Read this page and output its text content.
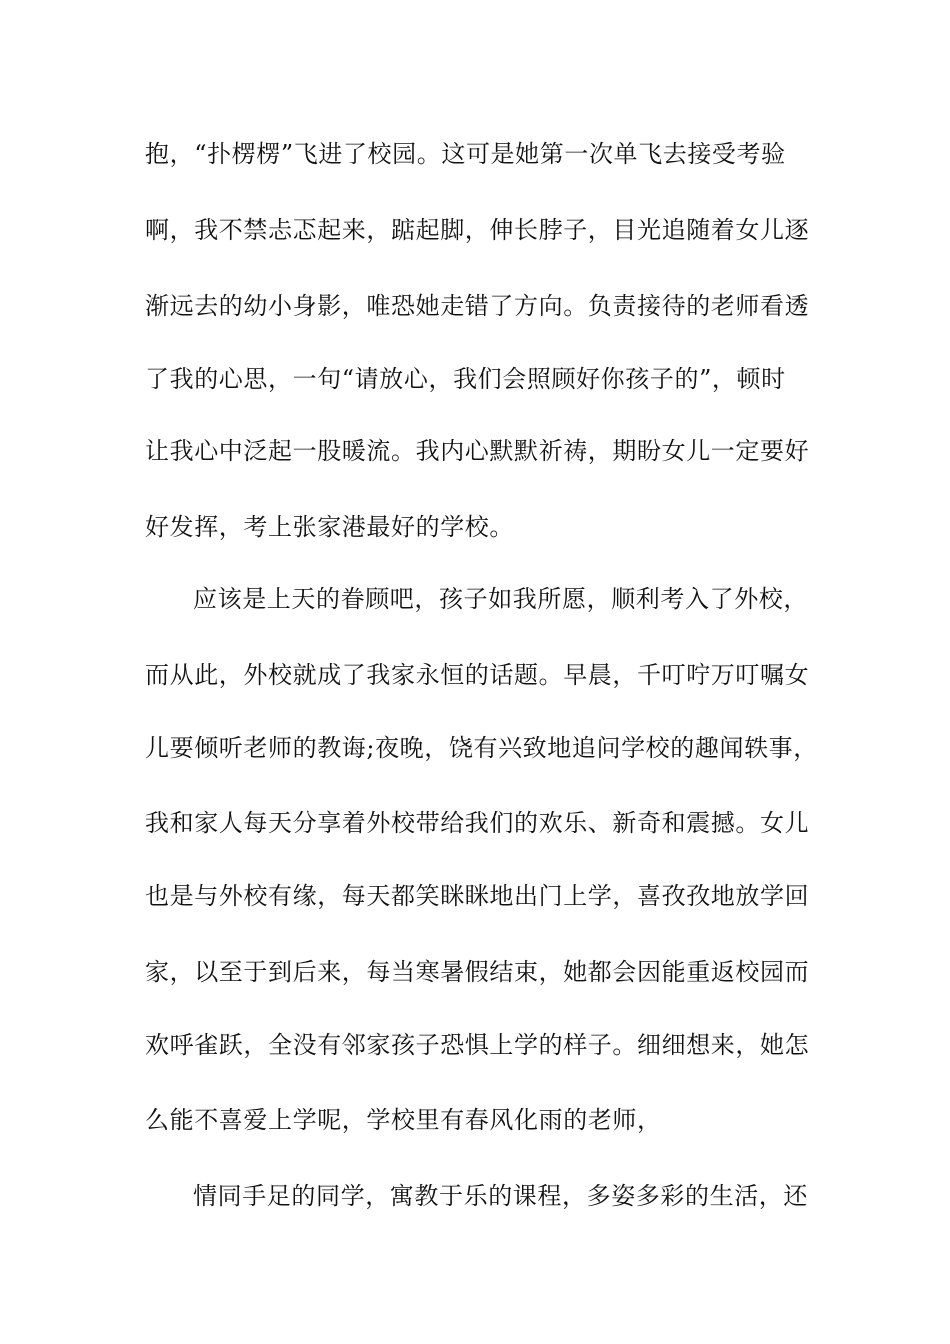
抱，“扑楞楞”飞进了校园。这可是她第一次单飞去接受考验
啊，我不禁忐忑起来，踮起脚，伸长脖子，目光追随着女儿逐
渐远去的幼小身影，唯恐她走错了方向。负责接待的老师看透
了我的心思，一句“请放心，我们会照顾好你孩子的”，顿时
让我心中泛起一股暖流。我内心默默祈祷，期盼女儿一定要好
好发挥，考上张家港最好的学校。
应该是上天的眷顾吧，孩子如我所愿，顺利考入了外校，
而从此，外校就成了我家永恒的话题。早晨，千叮咛万叮嘱女
儿要倾听老师的教诲;夜晚，饶有兴致地追问学校的趣闻轶事，
我和家人每天分享着外校带给我们的欢乐、新奇和震撼。女儿
也是与外校有缘，每天都笑眯眯地出门上学，喜孜孜地放学回
家，以至于到后来，每当寒暑假结束，她都会因能重返校园而
欢呼雀跃，全没有邻家孩子恐惧上学的样子。细细想来，她怎
么能不喜爱上学呢，学校里有春风化雨的老师，
情同手足的同学，寓教于乐的课程，多姿多彩的生活，还
